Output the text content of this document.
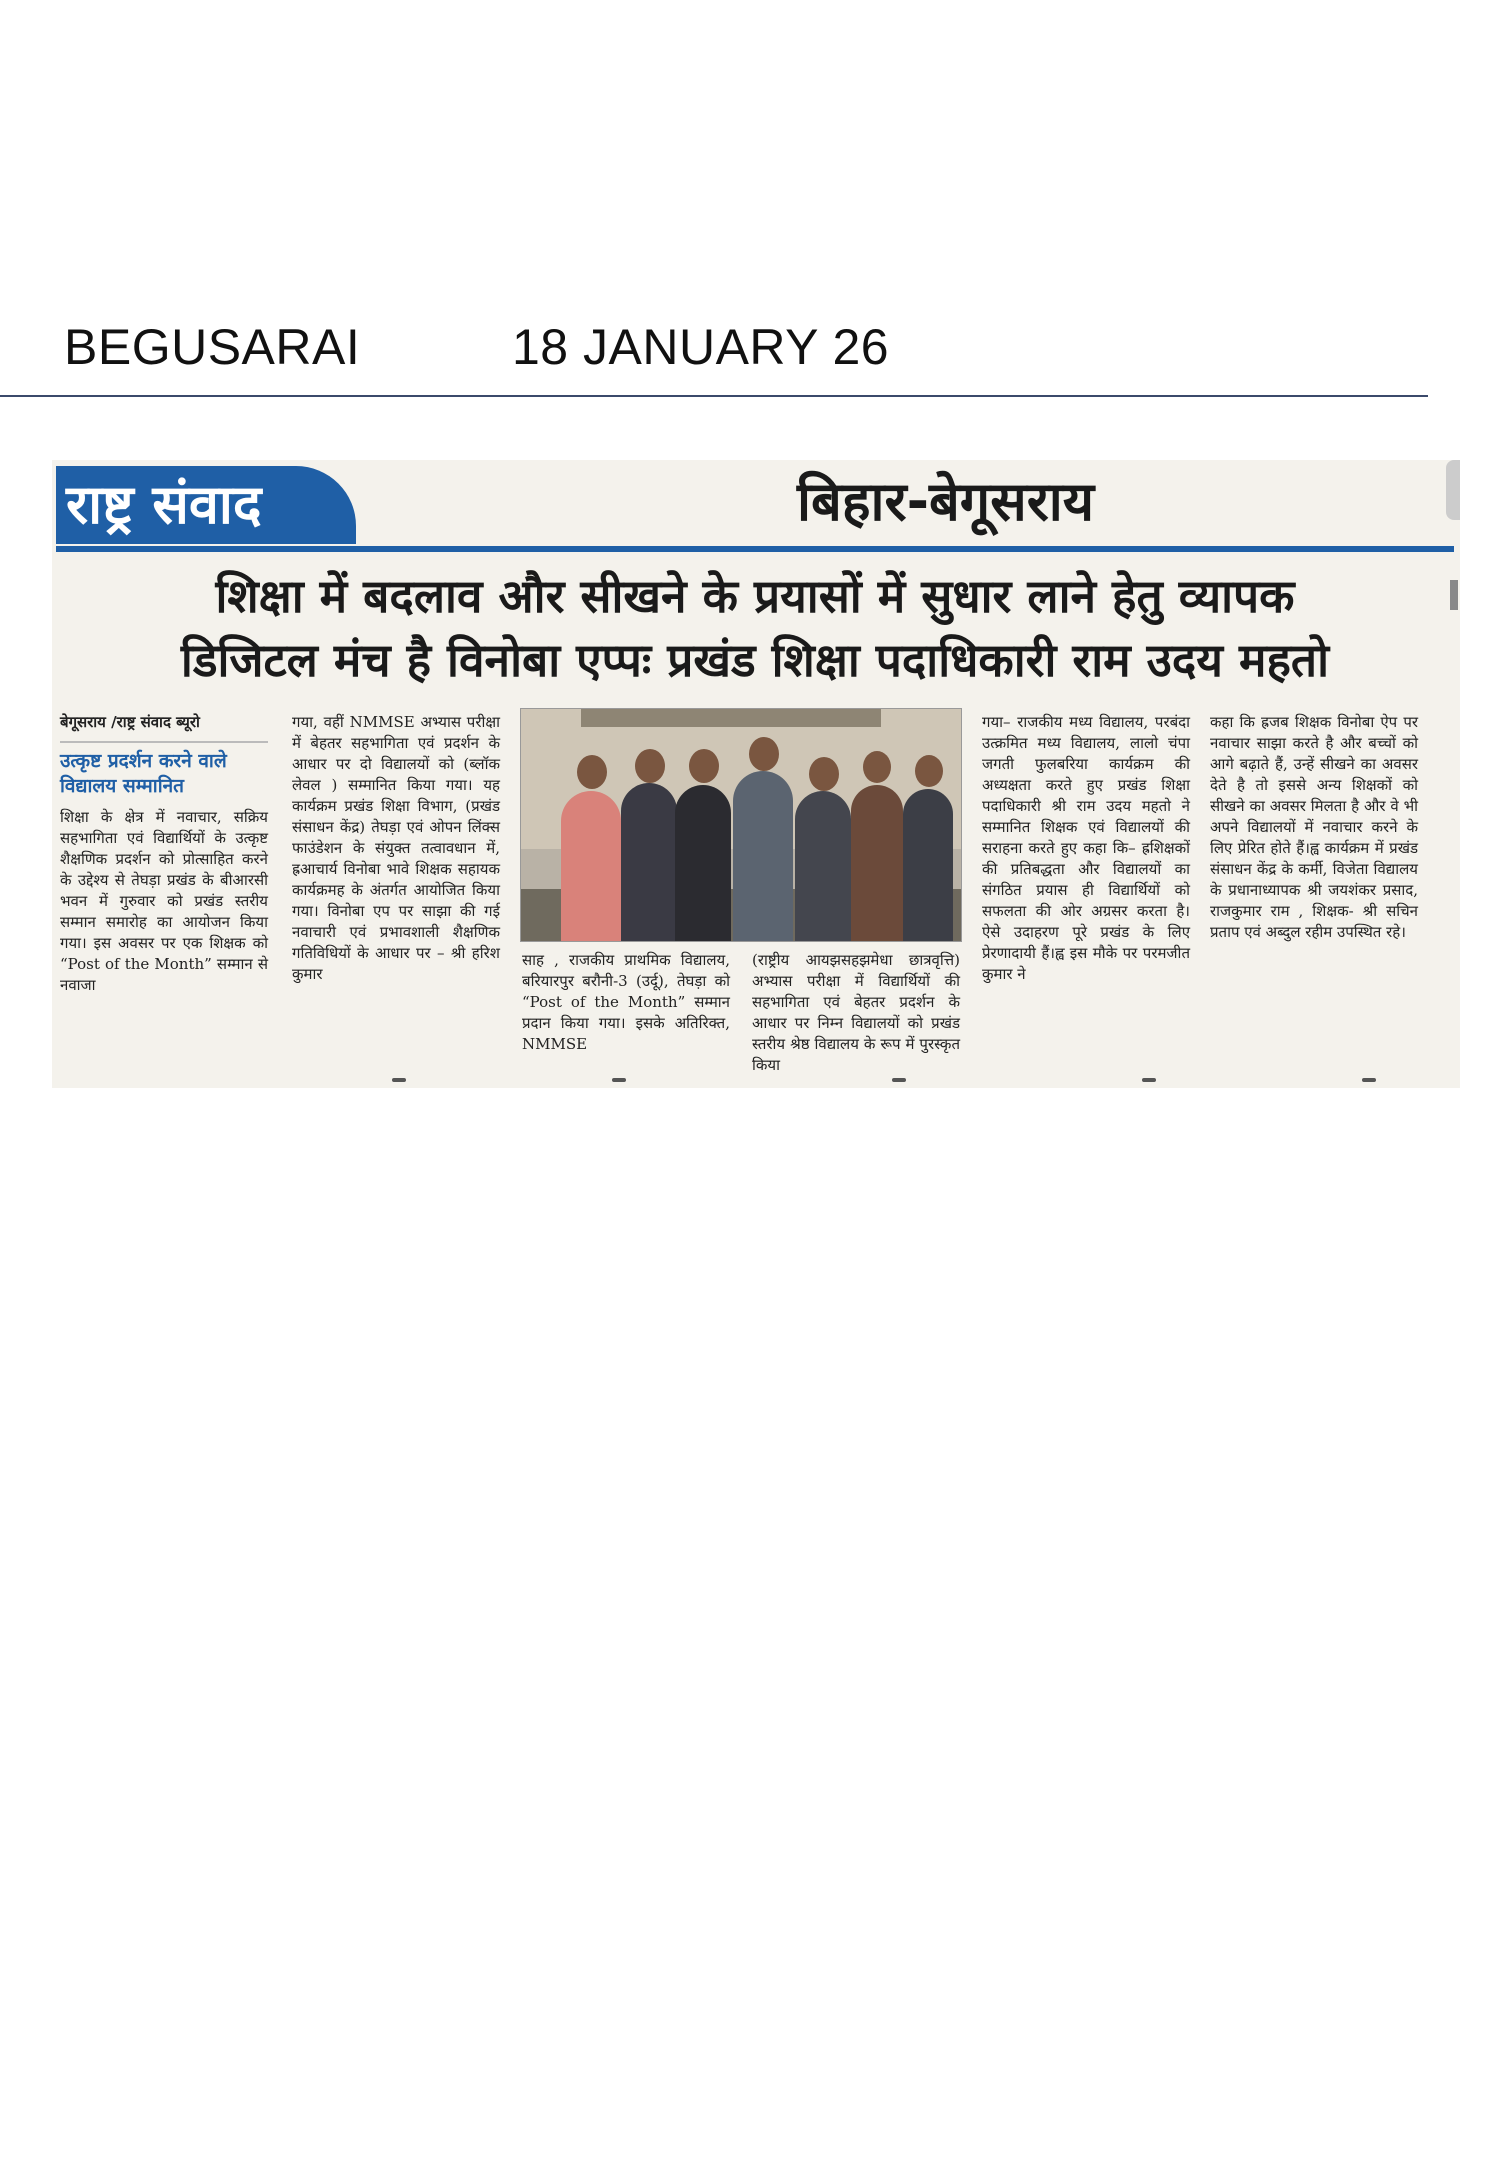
BEGUSARAI	18 JANUARY 26
राष्ट्र संवाद	बिहार-बेगूसराय
शिक्षा में बदलाव और सीखने के प्रयासों में सुधार लाने हेतु व्यापक
डिजिटल मंच है विनोबा एप्पः प्रखंड शिक्षा पदाधिकारी राम उदय महतो

बेगूसराय /राष्ट्र संवाद ब्यूरो

उत्कृष्ट प्रदर्शन करने वाले विद्यालय सम्मानित

शिक्षा के क्षेत्र में नवाचार, सक्रिय सहभागिता एवं विद्यार्थियों के उत्कृष्ट शैक्षणिक प्रदर्शन को प्रोत्साहित करने के उद्देश्य से तेघड़ा प्रखंड के बीआरसी भवन में गुरुवार को प्रखंड स्तरीय सम्मान समारोह का आयोजन किया गया। इस अवसर पर एक शिक्षक को “Post of the Month” सम्मान से नवाजा

गया, वहीं NMMSE अभ्यास परीक्षा में बेहतर सहभागिता एवं प्रदर्शन के आधार पर दो विद्यालयों को (ब्लॉक लेवल ) सम्मानित किया गया। यह कार्यक्रम प्रखंड शिक्षा विभाग, (प्रखंड संसाधन केंद्र) तेघड़ा एवं ओपन लिंक्स फाउंडेशन के संयुक्त तत्वावधान में, ह्रआचार्य विनोबा भावे शिक्षक सहायक कार्यक्रमह के अंतर्गत आयोजित किया गया। विनोबा एप पर साझा की गई नवाचारी एवं प्रभावशाली शैक्षणिक गतिविधियों के आधार पर – श्री हरिश कुमार

साह , राजकीय प्राथमिक विद्यालय, बरियारपुर बरौनी-3 (उर्दू), तेघड़ा को “Post of the Month” सम्मान प्रदान किया गया। इसके अतिरिक्त, NMMSE

(राष्ट्रीय आयझसहझमेधा छात्रवृत्ति) अभ्यास परीक्षा में विद्यार्थियों की सहभागिता एवं बेहतर प्रदर्शन के आधार पर निम्न विद्यालयों को प्रखंड स्तरीय श्रेष्ठ विद्यालय के रूप में पुरस्कृत किया

गया– राजकीय मध्य विद्यालय, परबंदा उत्क्रमित मध्य विद्यालय, लालो चंपा जगती फुलबरिया कार्यक्रम की अध्यक्षता करते हुए प्रखंड शिक्षा पदाधिकारी श्री राम उदय महतो ने सम्मानित शिक्षक एवं विद्यालयों की सराहना करते हुए कहा कि– ह्रशिक्षकों की प्रतिबद्धता और विद्यालयों का संगठित प्रयास ही विद्यार्थियों को सफलता की ओर अग्रसर करता है। ऐसे उदाहरण पूरे प्रखंड के लिए प्रेरणादायी हैं।ह्व इस मौके पर परमजीत कुमार ने

कहा कि ह्रजब शिक्षक विनोबा ऐप पर नवाचार साझा करते है और बच्चों को आगे बढ़ाते हैं, उन्हें सीखने का अवसर देते है तो इससे अन्य शिक्षकों को सीखने का अवसर मिलता है और वे भी अपने विद्यालयों में नवाचार करने के लिए प्रेरित होते हैं।ह्व कार्यक्रम में प्रखंड संसाधन केंद्र के कर्मी, विजेता विद्यालय के प्रधानाध्यापक श्री जयशंकर प्रसाद, राजकुमार राम , शिक्षक- श्री सचिन प्रताप एवं अब्दुल रहीम उपस्थित रहे।
